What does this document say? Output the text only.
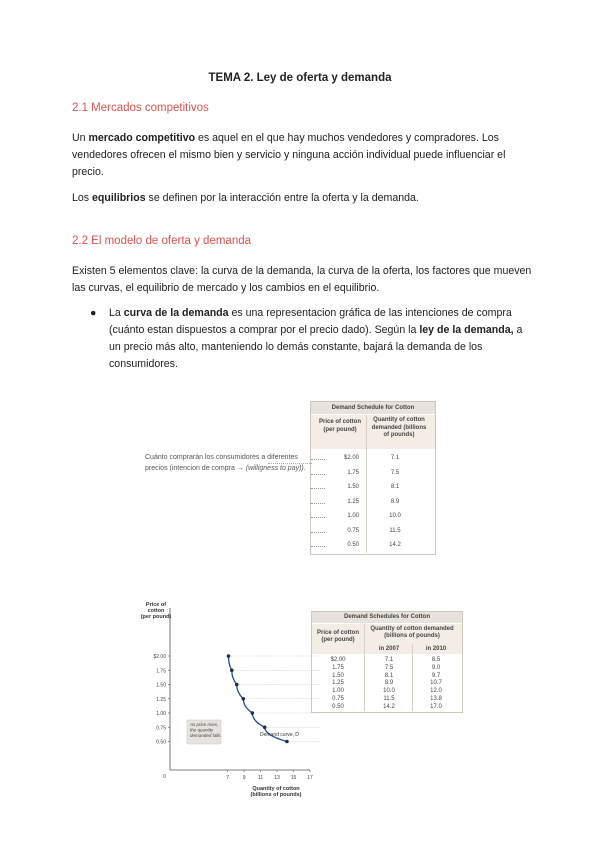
TEMA 2. Ley de oferta y demanda
2.1 Mercados competitivos
Un mercado competitivo es aquel en el que hay muchos vendedores y compradores. Los vendedores ofrecen el mismo bien y servicio y ninguna acción individual puede influenciar el precio.
Los equilibrios se definen por la interacción entre la oferta y la demanda.
2.2 El modelo de oferta y demanda
Existen 5 elementos clave: la curva de la demanda, la curva de la oferta, los factores que mueven las curvas, el equilibrio de mercado y los cambios en el equilibrio.
● La curva de la demanda es una representacion gráfica de las intenciones de compra (cuánto estan dispuestos a comprar por el precio dado). Según la ley de la demanda, a un precio más alto, manteniendo lo demás constante, bajará la demanda de los consumidores.
Cuánto comprarán los consumidores a diferentes precios (intencion de compra → (willigness to pay)).
Demand Schedule for Cotton
Price of cotton (per pound)
Quantity of cotton demanded (billions of pounds)
$2.00	7.1
1.75	7.5
1.50	8.1
1.25	8.9
1.00	10.0
0.75	11.5
0.50	14.2
Price of cotton (per pound)
0.50
0.75
1.00
1.25
1.50
1.75
$2.00
0	7	9 11 13 15 17
Quantity of cotton (billions of pounds)
Demand curve, D
As price rises, the quantity demanded falls.
Demand Schedules for Cotton
Price of cotton (per pound)
Quantity of cotton demanded (billions of pounds)
in 2007	in 2010
$2.00	7.1	8.5
1.75	7.5	9.0
1.50	8.1	9.7
1.25	8.9	10.7
1.00	10.0	12.0
0.75	11.5	13.8
0.50	14.2	17.0
